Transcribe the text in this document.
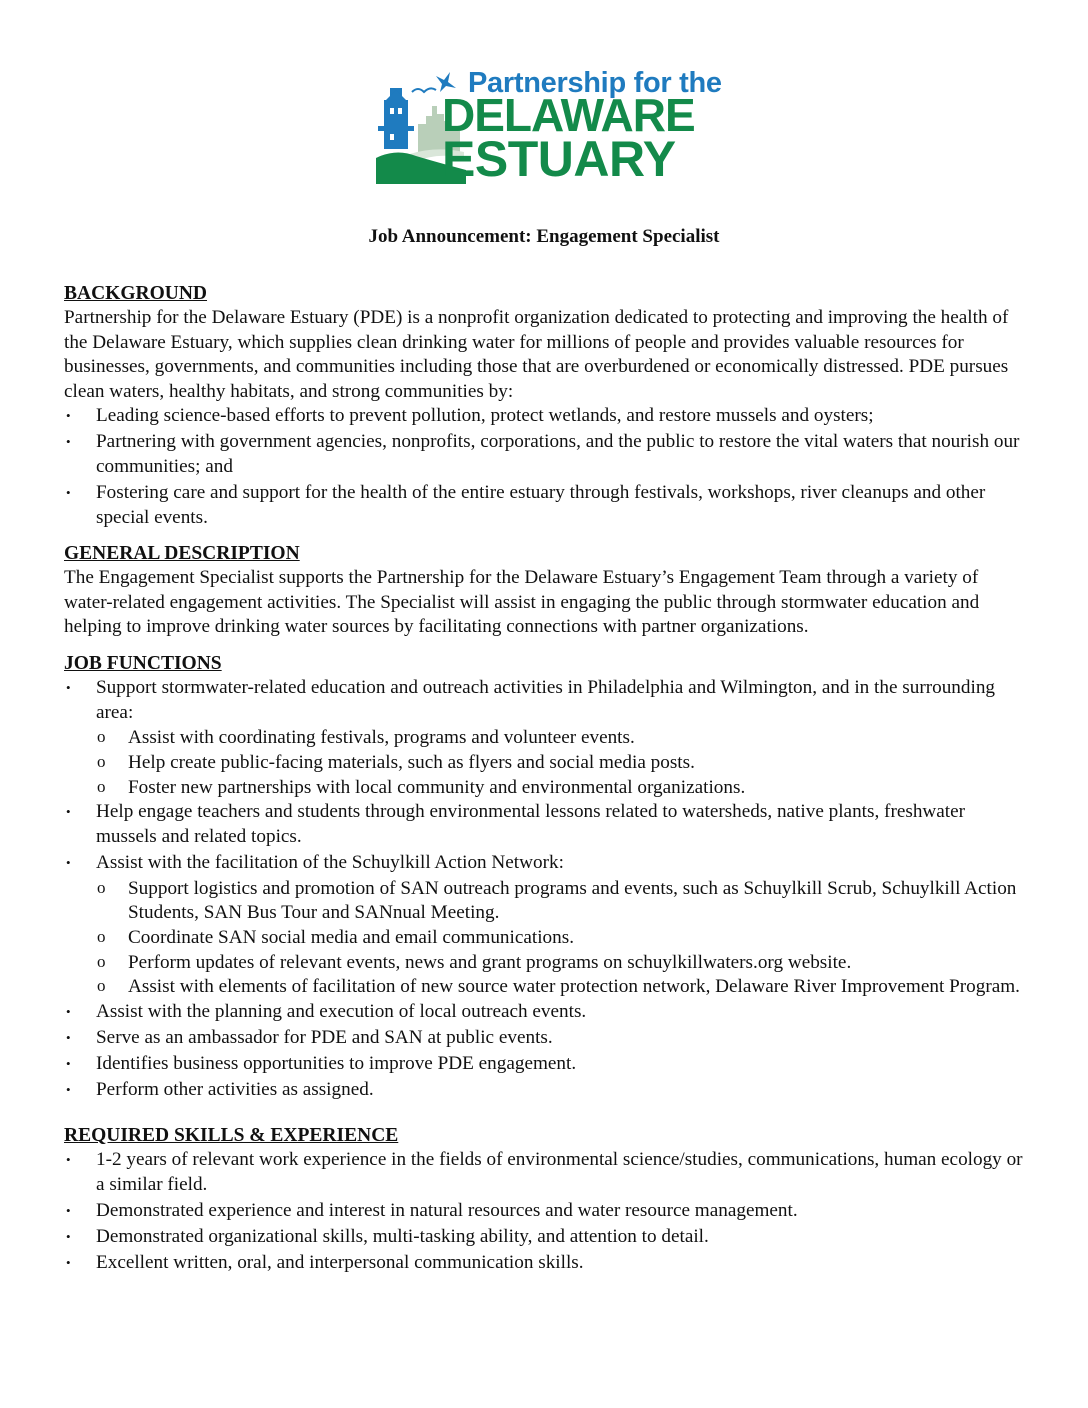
Partnership for the
DELAWARE
ESTUARY
Job Announcement: Engagement Specialist

BACKGROUND

Partnership for the Delaware Estuary (PDE) is a nonprofit organization dedicated to protecting and improving the health of the Delaware Estuary, which supplies clean drinking water for millions of people and provides valuable resources for businesses, governments, and communities including those that are overburdened or economically distressed. PDE pursues clean waters, healthy habitats, and strong communities by:

• Leading science-based efforts to prevent pollution, protect wetlands, and restore mussels and oysters;
• Partnering with government agencies, nonprofits, corporations, and the public to restore the vital waters that nourish our communities; and
• Fostering care and support for the health of the entire estuary through festivals, workshops, river cleanups and other special events.

GENERAL DESCRIPTION

The Engagement Specialist supports the Partnership for the Delaware Estuary’s Engagement Team through a variety of water-related engagement activities. The Specialist will assist in engaging the public through stormwater education and helping to improve drinking water sources by facilitating connections with partner organizations.

JOB FUNCTIONS

• Support stormwater-related education and outreach activities in Philadelphia and Wilmington, and in the surrounding area:
o Assist with coordinating festivals, programs and volunteer events.
o Help create public-facing materials, such as flyers and social media posts.
o Foster new partnerships with local community and environmental organizations.
• Help engage teachers and students through environmental lessons related to watersheds, native plants, freshwater mussels and related topics.
• Assist with the facilitation of the Schuylkill Action Network:
o Support logistics and promotion of SAN outreach programs and events, such as Schuylkill Scrub, Schuylkill Action Students, SAN Bus Tour and SANnual Meeting.
o Coordinate SAN social media and email communications.
o Perform updates of relevant events, news and grant programs on schuylkillwaters.org website.
o Assist with elements of facilitation of new source water protection network, Delaware River Improvement Program.
• Assist with the planning and execution of local outreach events.
• Serve as an ambassador for PDE and SAN at public events.
• Identifies business opportunities to improve PDE engagement.
• Perform other activities as assigned.

REQUIRED SKILLS & EXPERIENCE

• 1-2 years of relevant work experience in the fields of environmental science/studies, communications, human ecology or a similar field.
• Demonstrated experience and interest in natural resources and water resource management.
• Demonstrated organizational skills, multi-tasking ability, and attention to detail.
• Excellent written, oral, and interpersonal communication skills.
